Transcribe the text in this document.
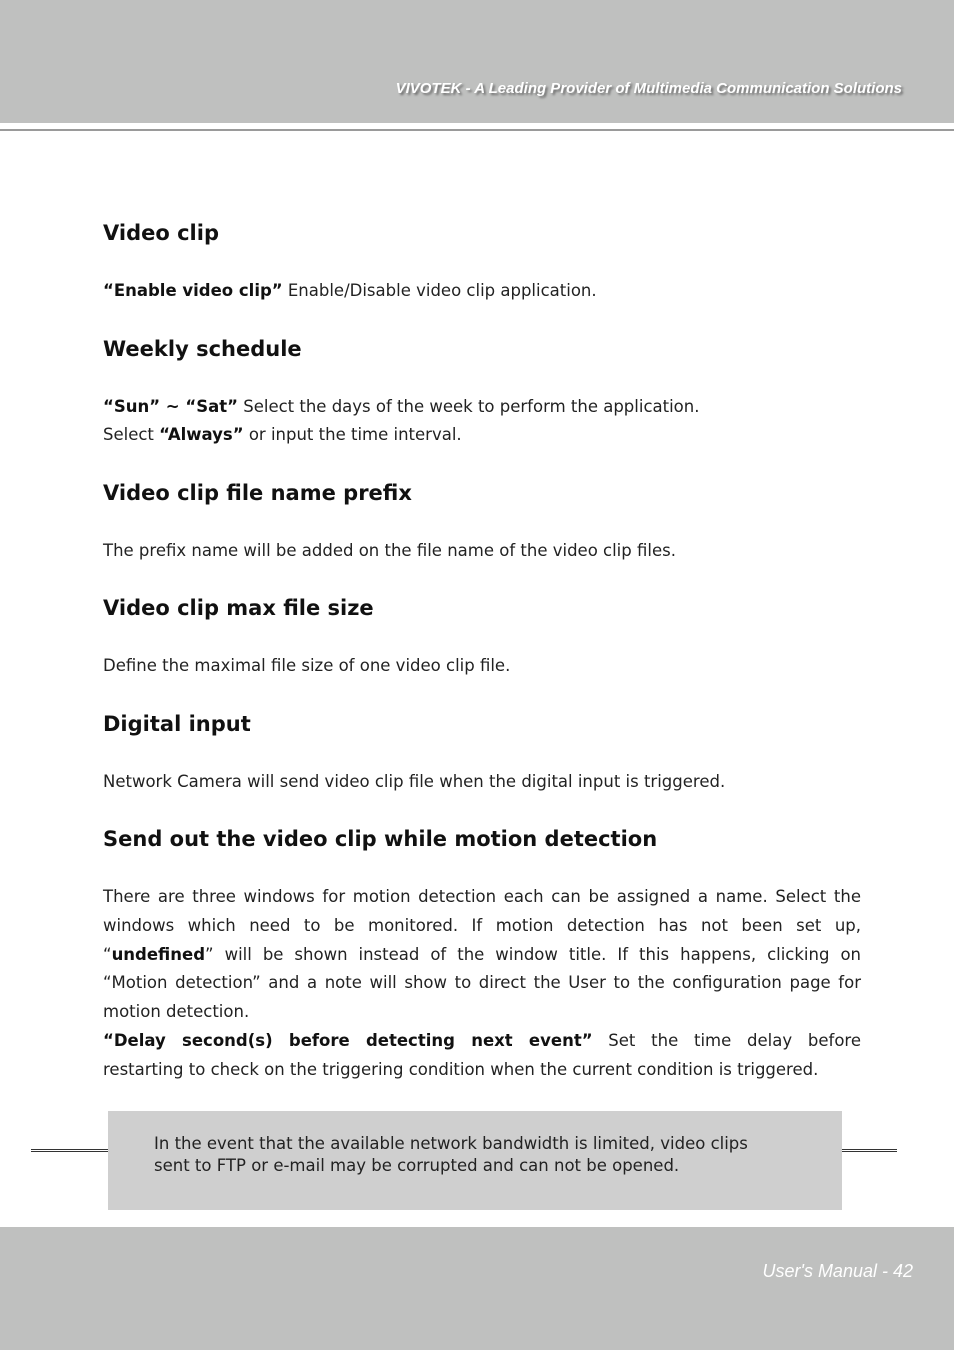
VIVOTEK - A Leading Provider of Multimedia Communication Solutions
Video clip

“Enable video clip” Enable/Disable video clip application.

Weekly schedule

“Sun” ~ “Sat” Select the days of the week to perform the application.

Select “Always” or input the time interval.

Video clip file name prefix

The prefix name will be added on the file name of the video clip files.

Video clip max file size

Define the maximal file size of one video clip file.

Digital input

Network Camera will send video clip file when the digital input is triggered.

Send out the video clip while motion detection
There are three windows for motion detection each can be assigned a name. Select the
windows which need to be monitored. If motion detection has not been set up,
“undefined” will be shown instead of the window title. If this happens, clicking on
“Motion detection” and a note will show to direct the User to the configuration page for
motion detection.
“Delay second(s) before detecting next event” Set the time delay before
restarting to check on the triggering condition when the current condition is triggered.
In the event that the available network bandwidth is limited, video clips
sent to FTP or e-mail may be corrupted and can not be opened.
User's Manual - 42
